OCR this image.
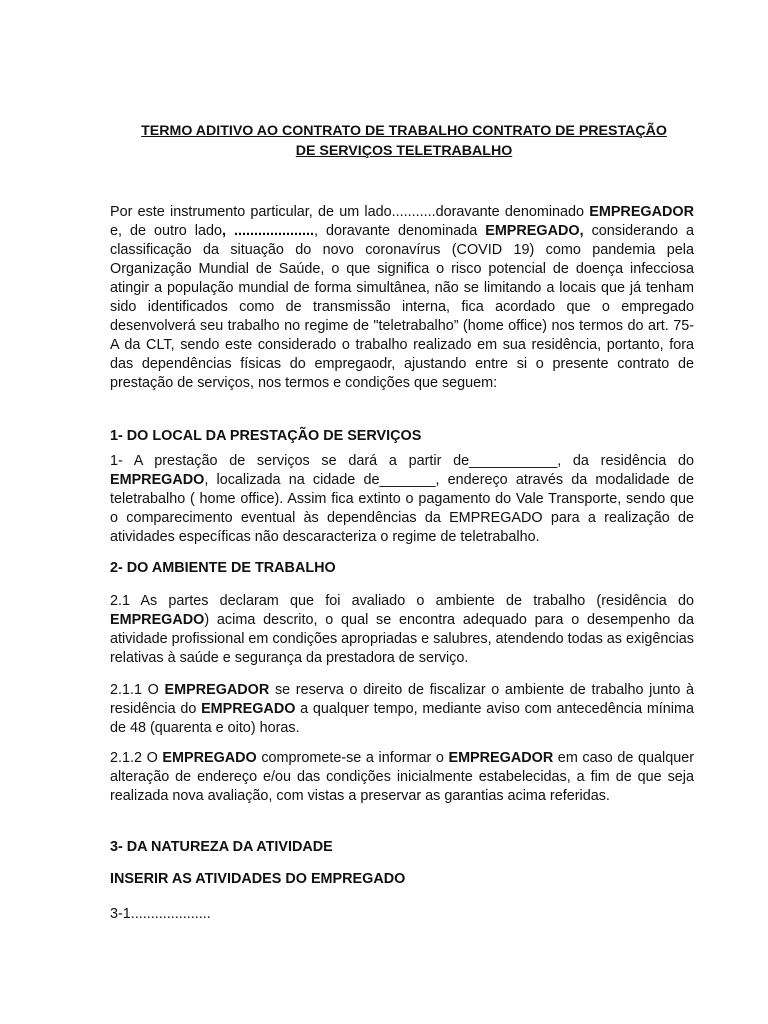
TERMO ADITIVO AO CONTRATO DE TRABALHO CONTRATO DE PRESTAÇÃO
DE SERVIÇOS TELETRABALHO

Por este instrumento particular, de um lado...........doravante denominado EMPREGADOR e, de outro lado, ...................., doravante denominada EMPREGADO, considerando a classificação da situação do novo coronavírus (COVID 19) como pandemia pela Organização Mundial de Saúde, o que significa o risco potencial de doença infecciosa atingir a população mundial de forma simultânea, não se limitando a locais que já tenham sido identificados como de transmissão interna, fica acordado que o empregado desenvolverá seu trabalho no regime de "teletrabalho” (home office) nos termos do art. 75-A da CLT, sendo este considerado o trabalho realizado em sua residência, portanto, fora das dependências físicas do empregaodr, ajustando entre si o presente contrato de prestação de serviços, nos termos e condições que seguem:

1- DO LOCAL DA PRESTAÇÃO DE SERVIÇOS

1- A prestação de serviços se dará a partir de___________, da residência do EMPREGADO, localizada na cidade de_______, endereço através da modalidade de teletrabalho ( home office). Assim fica extinto o pagamento do Vale Transporte, sendo que o comparecimento eventual às dependências da EMPREGADO para a realização de atividades específicas não descaracteriza o regime de teletrabalho.

2- DO AMBIENTE DE TRABALHO

2.1 As partes declaram que foi avaliado o ambiente de trabalho (residência do EMPREGADO) acima descrito, o qual se encontra adequado para o desempenho da atividade profissional em condições apropriadas e salubres, atendendo todas as exigências relativas à saúde e segurança da prestadora de serviço.

2.1.1 O EMPREGADOR se reserva o direito de fiscalizar o ambiente de trabalho junto à residência do EMPREGADO a qualquer tempo, mediante aviso com antecedência mínima de 48 (quarenta e oito) horas.

2.1.2 O EMPREGADO compromete-se a informar o EMPREGADOR em caso de qualquer alteração de endereço e/ou das condições inicialmente estabelecidas, a fim de que seja realizada nova avaliação, com vistas a preservar as garantias acima referidas.

3- DA NATUREZA DA ATIVIDADE
INSERIR AS ATIVIDADES DO EMPREGADO

3-1....................
